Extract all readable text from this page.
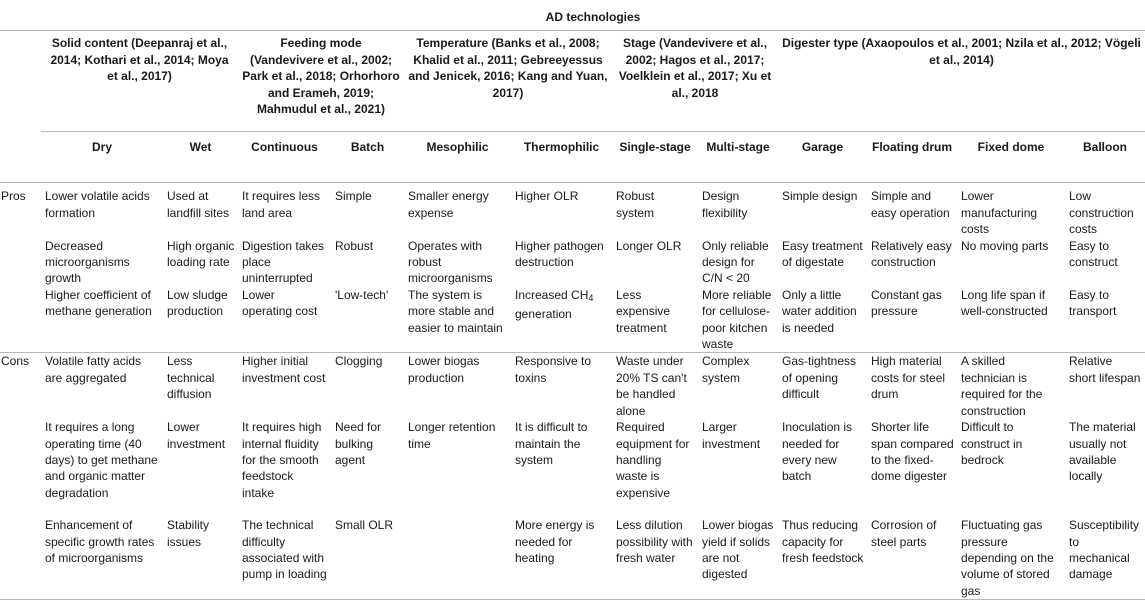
	AD technologies											
	Solid content (Deepanraj et al., 2014; Kothari et al., 2014; Moya et al., 2017)		Feeding mode (Vandevivere et al., 2002; Park et al., 2018; Orhorhoro and Erameh, 2019; Mahmudul et al., 2021)		Temperature (Banks et al., 2008; Khalid et al., 2011; Gebreeyessus and Jenicek, 2016; Kang and Yuan, 2017)		Stage (Vandevivere et al., 2002; Hagos et al., 2017; Voelklein et al., 2017; Xu et al., 2018		Digester type (Axaopoulos et al., 2001; Nzila et al., 2012; Vögeli et al., 2014)			
	Dry	Wet	Continuous	Batch	Mesophilic	Thermophilic	Single-stage	Multi-stage	Garage	Floating drum	Fixed dome	Balloon
Pros	Lower volatile acids formation	Used at landfill sites	It requires less land area	Simple	Smaller energy expense	Higher OLR	Robust system	Design flexibility	Simple design	Simple and easy operation	Lower manufacturing costs	Low construction costs
	Decreased microorganisms growth	High organic loading rate	Digestion takes place uninterrupted	Robust	Operates with robust microorganisms	Higher pathogen destruction	Longer OLR	Only reliable design for C/N < 20	Easy treatment of digestate	Relatively easy construction	No moving parts	Easy to construct
	Higher coefficient of methane generation	Low sludge production	Lower operating cost	'Low-tech'	The system is more stable and easier to maintain	Increased CH4 generation	Less expensive treatment	More reliable for cellulose-poor kitchen waste	Only a little water addition is needed	Constant gas pressure	Long life span if well-constructed	Easy to transport
Cons	Volatile fatty acids are aggregated	Less technical diffusion	Higher initial investment cost	Clogging	Lower biogas production	Responsive to toxins	Waste under 20% TS can't be handled alone	Complex system	Gas-tightness of opening difficult	High material costs for steel drum	A skilled technician is required for the construction	Relative short lifespan
	It requires a long operating time (40 days) to get methane and organic matter degradation	Lower investment	It requires high internal fluidity for the smooth feedstock intake	Need for bulking agent	Longer retention time	It is difficult to maintain the system	Required equipment for handling waste is expensive	Larger investment	Inoculation is needed for every new batch	Shorter life span compared to the fixed-dome digester	Difficult to construct in bedrock	The material usually not available locally
	Enhancement of specific growth rates of microorganisms	Stability issues	The technical difficulty associated with pump in loading	Small OLR		More energy is needed for heating	Less dilution possibility with fresh water	Lower biogas yield if solids are not digested	Thus reducing capacity for fresh feedstock	Corrosion of steel parts	Fluctuating gas pressure depending on the volume of stored gas	Susceptibility to mechanical damage
